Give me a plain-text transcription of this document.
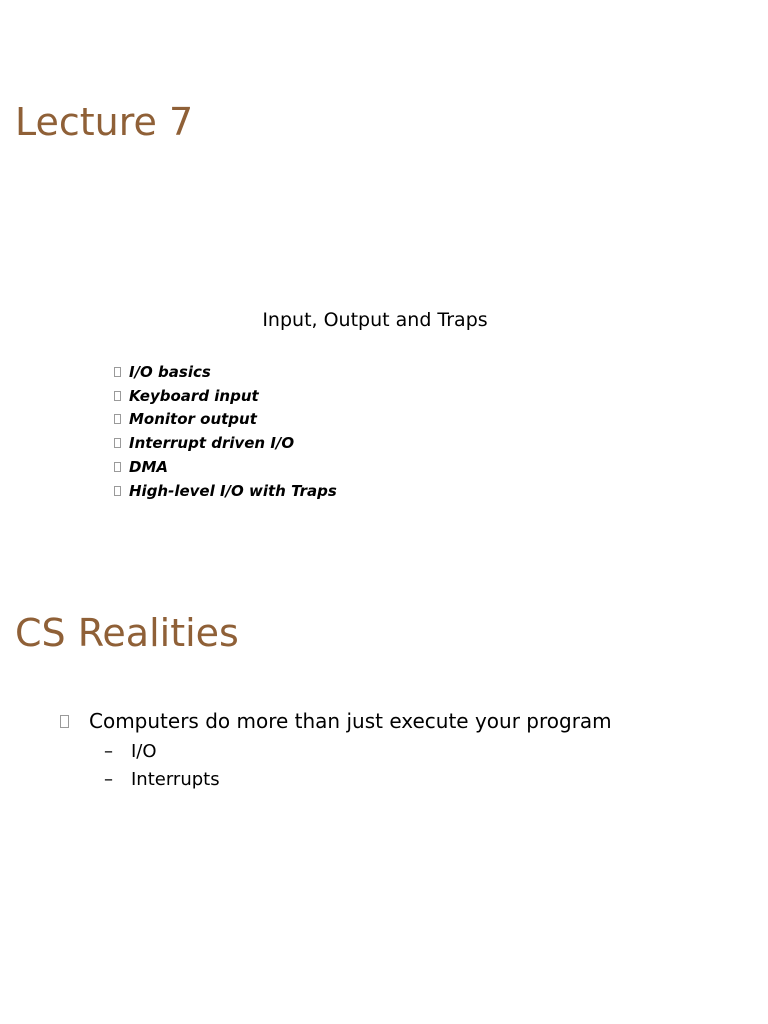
Lecture 7
Input, Output and Traps
I/O basics
Keyboard input
Monitor output
Interrupt driven I/O
DMA
High-level I/O with Traps
CS Realities
Computers do more than just execute your program
–	I/O
–	Interrupts
